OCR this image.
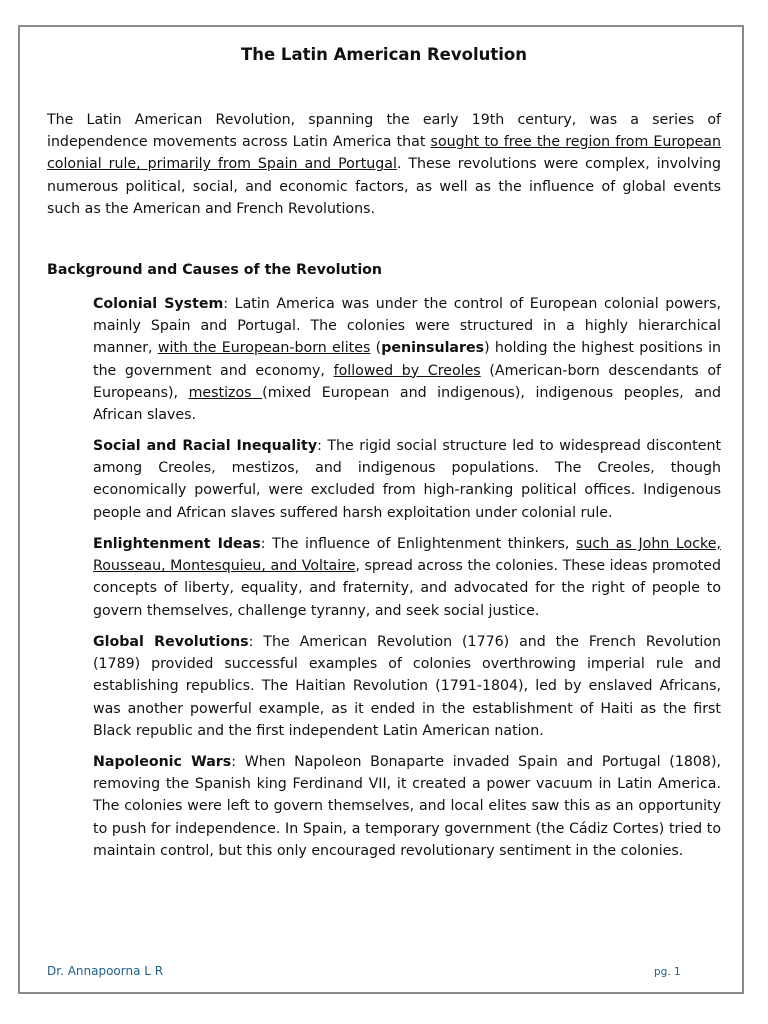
The Latin American Revolution

The Latin American Revolution, spanning the early 19th century, was a series of independence movements across Latin America that sought to free the region from European colonial rule, primarily from Spain and Portugal. These revolutions were complex, involving numerous political, social, and economic factors, as well as the influence of global events such as the American and French Revolutions.

Background and Causes of the Revolution

Colonial System: Latin America was under the control of European colonial powers, mainly Spain and Portugal. The colonies were structured in a highly hierarchical manner, with the European-born elites (peninsulares) holding the highest positions in the government and economy, followed by Creoles (American-born descendants of Europeans), mestizos (mixed European and indigenous), indigenous peoples, and African slaves.

Social and Racial Inequality: The rigid social structure led to widespread discontent among Creoles, mestizos, and indigenous populations. The Creoles, though economically powerful, were excluded from high-ranking political offices. Indigenous people and African slaves suffered harsh exploitation under colonial rule.

Enlightenment Ideas: The influence of Enlightenment thinkers, such as John Locke, Rousseau, Montesquieu, and Voltaire, spread across the colonies. These ideas promoted concepts of liberty, equality, and fraternity, and advocated for the right of people to govern themselves, challenge tyranny, and seek social justice.

Global Revolutions: The American Revolution (1776) and the French Revolution (1789) provided successful examples of colonies overthrowing imperial rule and establishing republics. The Haitian Revolution (1791-1804), led by enslaved Africans, was another powerful example, as it ended in the establishment of Haiti as the first Black republic and the first independent Latin American nation.

Napoleonic Wars: When Napoleon Bonaparte invaded Spain and Portugal (1808), removing the Spanish king Ferdinand VII, it created a power vacuum in Latin America. The colonies were left to govern themselves, and local elites saw this as an opportunity to push for independence. In Spain, a temporary government (the Cádiz Cortes) tried to maintain control, but this only encouraged revolutionary sentiment in the colonies.

Dr. Annapoorna L R	pg. 1
